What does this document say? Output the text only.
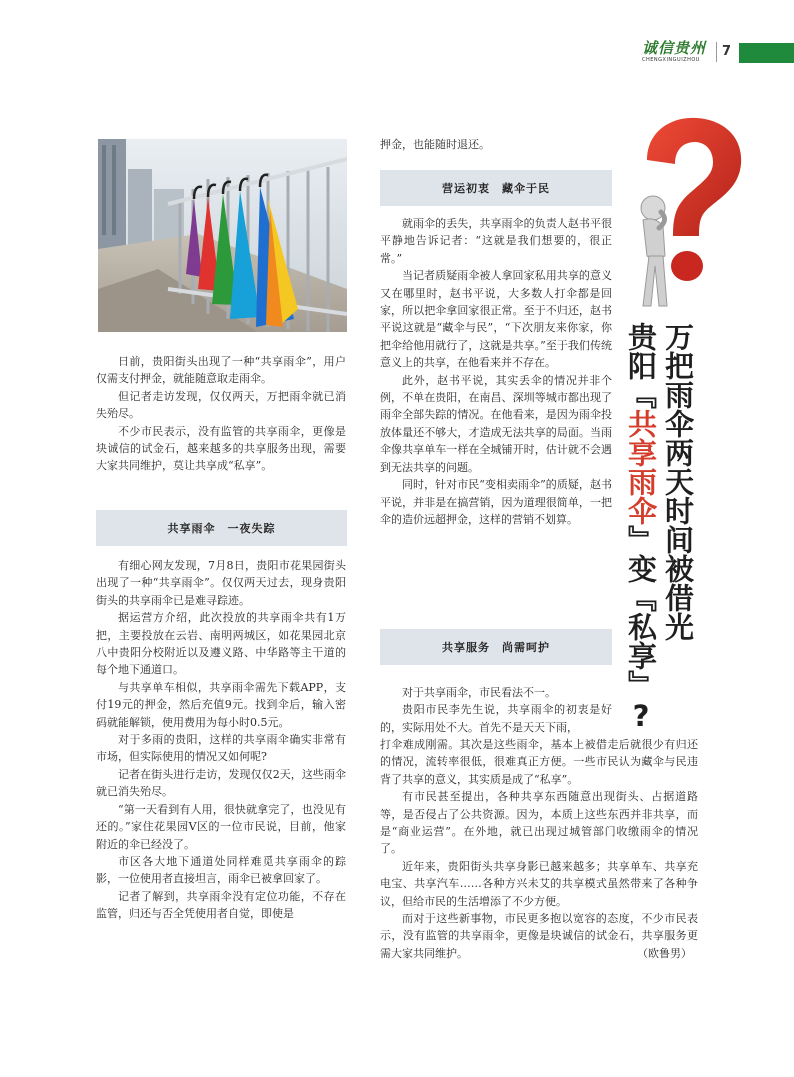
诚信贵州
CHENGXINGUIZHOU
7

日前，贵阳街头出现了一种“共享雨伞”，用户仅需支付押金，就能随意取走雨伞。

但记者走访发现，仅仅两天，万把雨伞就已消失殆尽。

不少市民表示，没有监管的共享雨伞，更像是块诚信的试金石，越来越多的共享服务出现，需要大家共同维护，莫让共享成“私享”。

共享雨伞　一夜失踪

有细心网友发现，7月8日，贵阳市花果园街头出现了一种“共享雨伞”。仅仅两天过去，现身贵阳街头的共享雨伞已是难寻踪迹。

据运营方介绍，此次投放的共享雨伞共有1万把，主要投放在云岩、南明两城区，如花果园北京八中贵阳分校附近以及遵义路、中华路等主干道的每个地下通道口。

与共享单车相似，共享雨伞需先下载APP，支付19元的押金，然后充值9元。找到伞后，输入密码就能解锁，使用费用为每小时0.5元。

对于多雨的贵阳，这样的共享雨伞确实非常有市场，但实际使用的情况又如何呢?

记者在街头进行走访，发现仅仅2天，这些雨伞就已消失殆尽。

“第一天看到有人用，很快就拿完了，也没见有还的。”家住花果园V区的一位市民说，目前，他家附近的伞已经没了。

市区各大地下通道处同样难觅共享雨伞的踪影，一位使用者直接坦言，雨伞已被拿回家了。

记者了解到，共享雨伞没有定位功能，不存在监管，归还与否全凭使用者自觉，即使是

押金，也能随时退还。

营运初衷　藏伞于民

就雨伞的丢失，共享雨伞的负责人赵书平很平静地告诉记者：“这就是我们想要的，很正常。”

当记者质疑雨伞被人拿回家私用共享的意义又在哪里时，赵书平说，大多数人打伞都是回家，所以把伞拿回家很正常。至于不归还，赵书平说这就是“藏伞与民”，“下次朋友来你家，你把伞给他用就行了，这就是共享。”至于我们传统意义上的共享，在他看来并不存在。

此外，赵书平说，其实丢伞的情况并非个例，不单在贵阳，在南昌、深圳等城市都出现了雨伞全部失踪的情况。在他看来，是因为雨伞投放体量还不够大，才造成无法共享的局面。当雨伞像共享单车一样在全城铺开时，估计就不会遇到无法共享的问题。

同时，针对市民“变相卖雨伞”的质疑，赵书平说，并非是在搞营销，因为道理很简单，一把伞的造价远超押金，这样的营销不划算。

共享服务　尚需呵护

对于共享雨伞，市民看法不一。

贵阳市民李先生说，共享雨伞的初衷是好的，实际用处不大。首先不是天天下雨，

打伞难成刚需。其次是这些雨伞，基本上被借走后就很少有归还的情况，流转率很低，很难真正方便。一些市民认为藏伞与民违背了共享的意义，其实质是成了“私享”。

有市民甚至提出，各种共享东西随意出现街头、占据道路等，是否侵占了公共资源。因为，本质上这些东西并非共享，而是“商业运营”。在外地，就已出现过城管部门收缴雨伞的情况了。

近年来，贵阳街头共享身影已越来越多；共享单车、共享充电宝、共享汽车……各种方兴未艾的共享模式虽然带来了各种争议，但给市民的生活增添了不少方便。

而对于这些新事物，市民更多抱以宽容的态度，不少市民表示，没有监管的共享雨伞，更像是块诚信的试金石，共享服务更需大家共同维护。	（欧鲁男）
万把雨伞两天时间被借光
贵阳『共享雨伞』变『私享』?
